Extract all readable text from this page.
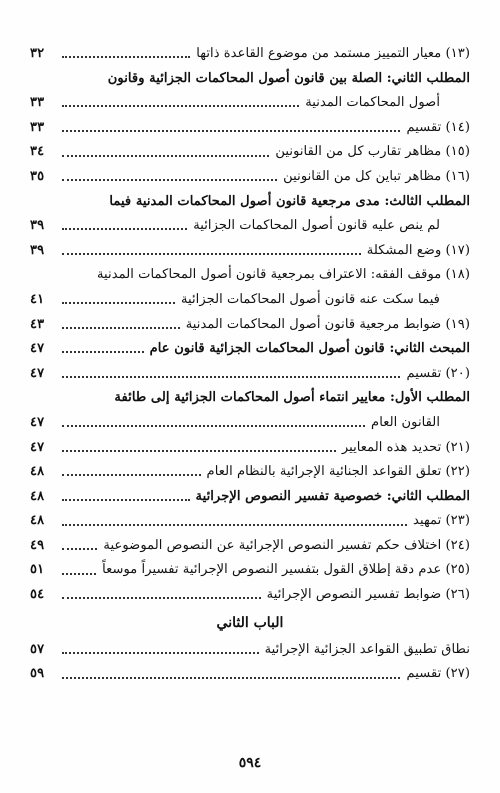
(١٣) معيار التمييز مستمد من موضوع القاعدة ذاتها
٣٢
المطلب الثاني: الصلة بين قانون أصول المحاكمات الجزائية وقانون
أصول المحاكمات المدنية
٣٣
(١٤) تقسيم
٣٣
(١٥) مظاهر تقارب كل من القانونين
٣٤
(١٦) مظاهر تباين كل من القانونين
٣٥
المطلب الثالث: مدى مرجعية قانون أصول المحاكمات المدنية فيما
لم ينص عليه قانون أصول المحاكمات الجزائية
٣٩
(١٧) وضع المشكلة
٣٩
(١٨) موقف الفقه: الاعتراف بمرجعية قانون أصول المحاكمات المدنية
فيما سكت عنه قانون أصول المحاكمات الجزائية
٤١
(١٩) ضوابط مرجعية قانون أصول المحاكمات المدنية
٤٣
المبحث الثاني: قانون أصول المحاكمات الجزائية قانون عام
٤٧
(٢٠) تقسيم
٤٧
المطلب الأول: معايير انتماء أصول المحاكمات الجزائية إلى طائفة
القانون العام
٤٧
(٢١) تحديد هذه المعايير
٤٧
(٢٢) تعلق القواعد الجنائية الإجرائية بالنظام العام
٤٨
المطلب الثاني: خصوصية تفسير النصوص الإجرائية
٤٨
(٢٣) تمهيد
٤٨
(٢٤) اختلاف حكم تفسير النصوص الإجرائية عن النصوص الموضوعية
٤٩
(٢٥) عدم دقة إطلاق القول بتفسير النصوص الإجرائية تفسيراً موسعاً
٥١
(٢٦) ضوابط تفسير النصوص الإجرائية
٥٤
الباب الثاني
نطاق تطبيق القواعد الجزائية الإجرائية
٥٧
(٢٧) تقسيم
٥٩
٥٩٤
